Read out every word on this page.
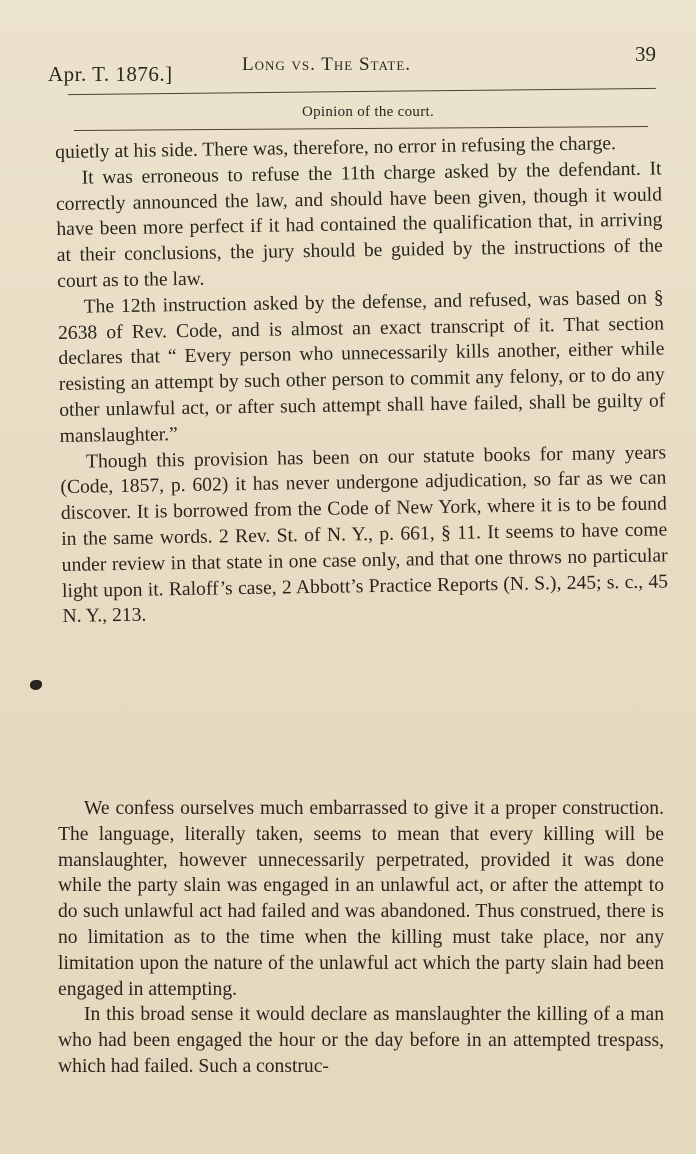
Apr. T. 1876.]	Long vs. The State.	39
Opinion of the court.

quietly at his side. There was, therefore, no error in refusing the charge.

It was erroneous to refuse the 11th charge asked by the defendant. It correctly announced the law, and should have been given, though it would have been more perfect if it had contained the qualification that, in arriving at their conclusions, the jury should be guided by the instructions of the court as to the law.

The 12th instruction asked by the defense, and refused, was based on § 2638 of Rev. Code, and is almost an exact transcript of it. That section declares that “ Every person who unnecessarily kills another, either while resisting an attempt by such other person to commit any felony, or to do any other unlawful act, or after such attempt shall have failed, shall be guilty of manslaughter.”

Though this provision has been on our statute books for many years (Code, 1857, p. 602) it has never undergone adjudication, so far as we can discover. It is borrowed from the Code of New York, where it is to be found in the same words. 2 Rev. St. of N. Y., p. 661, § 11. It seems to have come under review in that state in one case only, and that one throws no particular light upon it. Raloff’s case, 2 Abbott’s Practice Reports (N. S.), 245; s. c., 45 N. Y., 213.

We confess ourselves much embarrassed to give it a proper construction. The language, literally taken, seems to mean that every killing will be manslaughter, however unnecessarily perpetrated, provided it was done while the party slain was engaged in an unlawful act, or after the attempt to do such unlawful act had failed and was abandoned. Thus construed, there is no limitation as to the time when the killing must take place, nor any limitation upon the nature of the unlawful act which the party slain had been engaged in attempting.

In this broad sense it would declare as manslaughter the killing of a man who had been engaged the hour or the day before in an attempted trespass, which had failed. Such a construc-
